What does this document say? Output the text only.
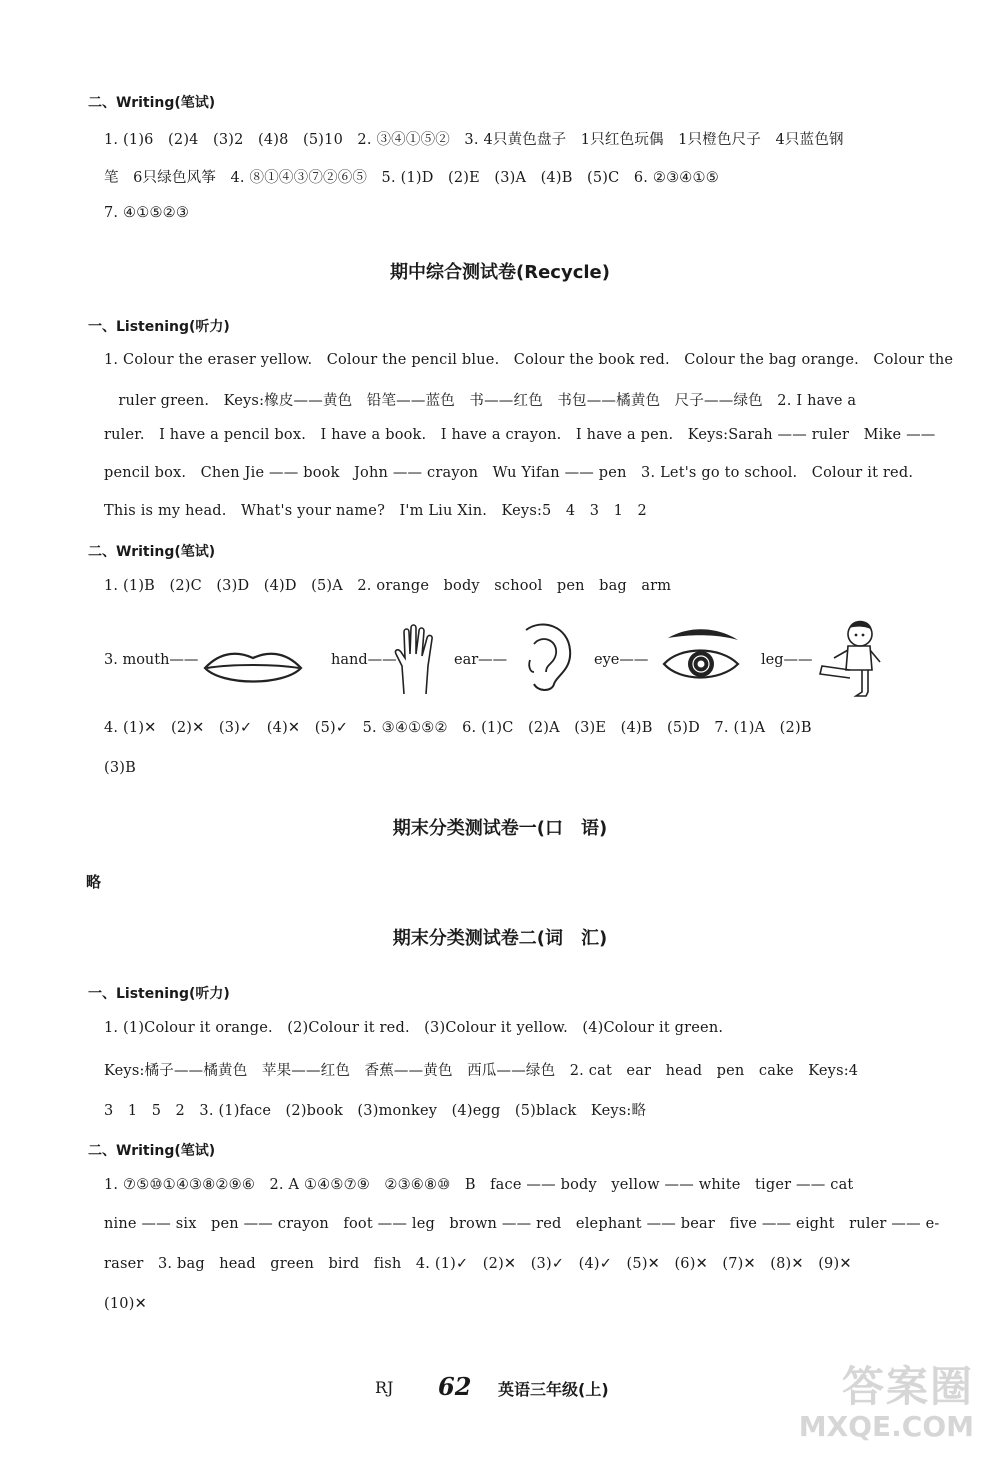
二、Writing(笔试)
1. (1)6   (2)4   (3)2   (4)8   (5)10   2. ③④①⑤②   3. 4只黄色盘子   1只红色玩偶   1只橙色尺子   4只蓝色钢
笔   6只绿色风筝   4. ⑧①④③⑦②⑥⑤   5. (1)D   (2)E   (3)A   (4)B   (5)C   6. ②③④①⑤
7. ④①⑤②③
期中综合测试卷(Recycle)
一、Listening(听力)
1. Colour the eraser yellow.   Colour the pencil blue.   Colour the book red.   Colour the bag orange.   Colour the
ruler green.   Keys:橡皮——黄色   铅笔——蓝色   书——红色   书包——橘黄色   尺子——绿色   2. I have a
ruler.   I have a pencil box.   I have a book.   I have a crayon.   I have a pen.   Keys:Sarah —— ruler   Mike ——
pencil box.   Chen Jie —— book   John —— crayon   Wu Yifan —— pen   3. Let's go to school.   Colour it red.
This is my head.   What's your name?   I'm Liu Xin.   Keys:5   4   3   1   2
二、Writing(笔试)
1. (1)B   (2)C   (3)D   (4)D   (5)A   2. orange   body   school   pen   bag   arm
3. mouth——	hand——	ear——	eye——	leg——
4. (1)✕   (2)✕   (3)✓   (4)✕   (5)✓   5. ③④①⑤②   6. (1)C   (2)A   (3)E   (4)B   (5)D   7. (1)A   (2)B
(3)B
期末分类测试卷一(口　语)
略
期末分类测试卷二(词　汇)
一、Listening(听力)
1. (1)Colour it orange.   (2)Colour it red.   (3)Colour it yellow.   (4)Colour it green.
Keys:橘子——橘黄色   苹果——红色   香蕉——黄色   西瓜——绿色   2. cat   ear   head   pen   cake   Keys:4
3   1   5   2   3. (1)face   (2)book   (3)monkey   (4)egg   (5)black   Keys:略
二、Writing(笔试)
1. ⑦⑤⑩①④③⑧②⑨⑥   2. A ①④⑤⑦⑨   ②③⑥⑧⑩   B   face —— body   yellow —— white   tiger —— cat
nine —— six   pen —— crayon   foot —— leg   brown —— red   elephant —— bear   five —— eight   ruler —— e-
raser   3. bag   head   green   bird   fish   4. (1)✓   (2)✕   (3)✓   (4)✓   (5)✕   (6)✕   (7)✕   (8)✕   (9)✕
(10)✕
RJ 62 英语三年级(上)	答案圈
MXQE.COM
